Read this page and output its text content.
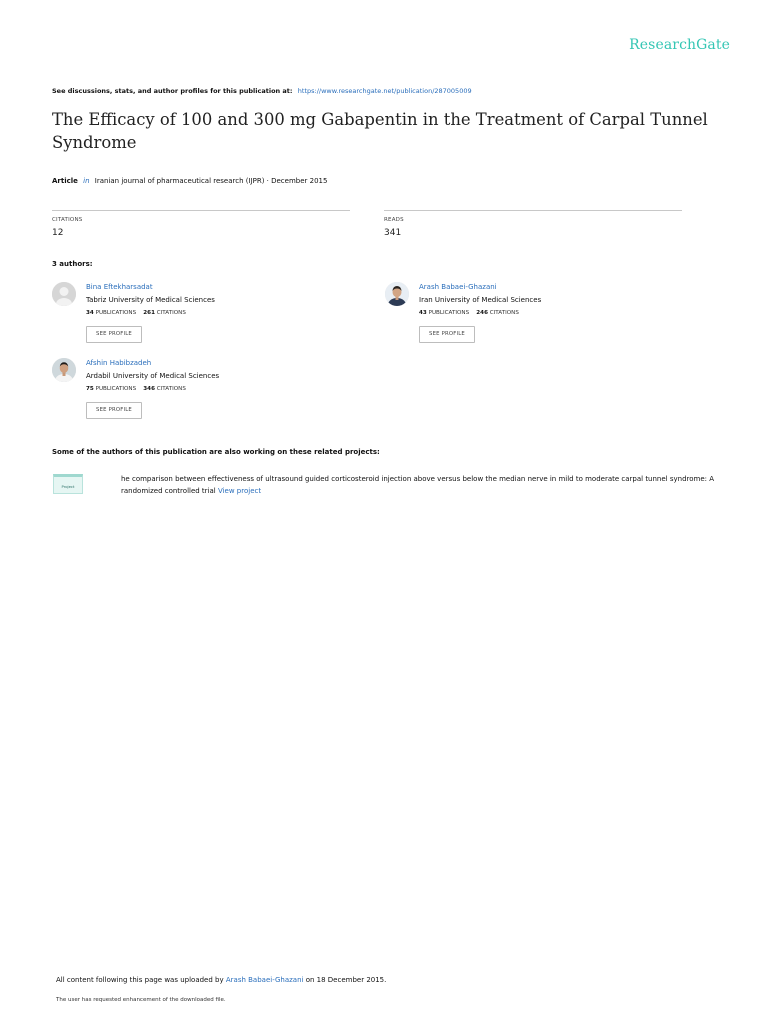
ResearchGate
See discussions, stats, and author profiles for this publication at: https://www.researchgate.net/publication/287005009
The Efficacy of 100 and 300 mg Gabapentin in the Treatment of Carpal Tunnel Syndrome
Article in Iranian journal of pharmaceutical research (IJPR) · December 2015
CITATIONS
12
READS
341
3 authors:
Bina Eftekharsadat
Tabriz University of Medical Sciences
34 PUBLICATIONS 261 CITATIONS
SEE PROFILE
Arash Babaei-Ghazani
Iran University of Medical Sciences
43 PUBLICATIONS 246 CITATIONS
SEE PROFILE
Afshin Habibzadeh
Ardabil University of Medical Sciences
75 PUBLICATIONS 346 CITATIONS
SEE PROFILE
Some of the authors of this publication are also working on these related projects:
Project
he comparison between effectiveness of ultrasound guided corticosteroid injection above versus below the median nerve in mild to moderate carpal tunnel syndrome: A randomized controlled trial View project
All content following this page was uploaded by Arash Babaei-Ghazani on 18 December 2015.
The user has requested enhancement of the downloaded file.
